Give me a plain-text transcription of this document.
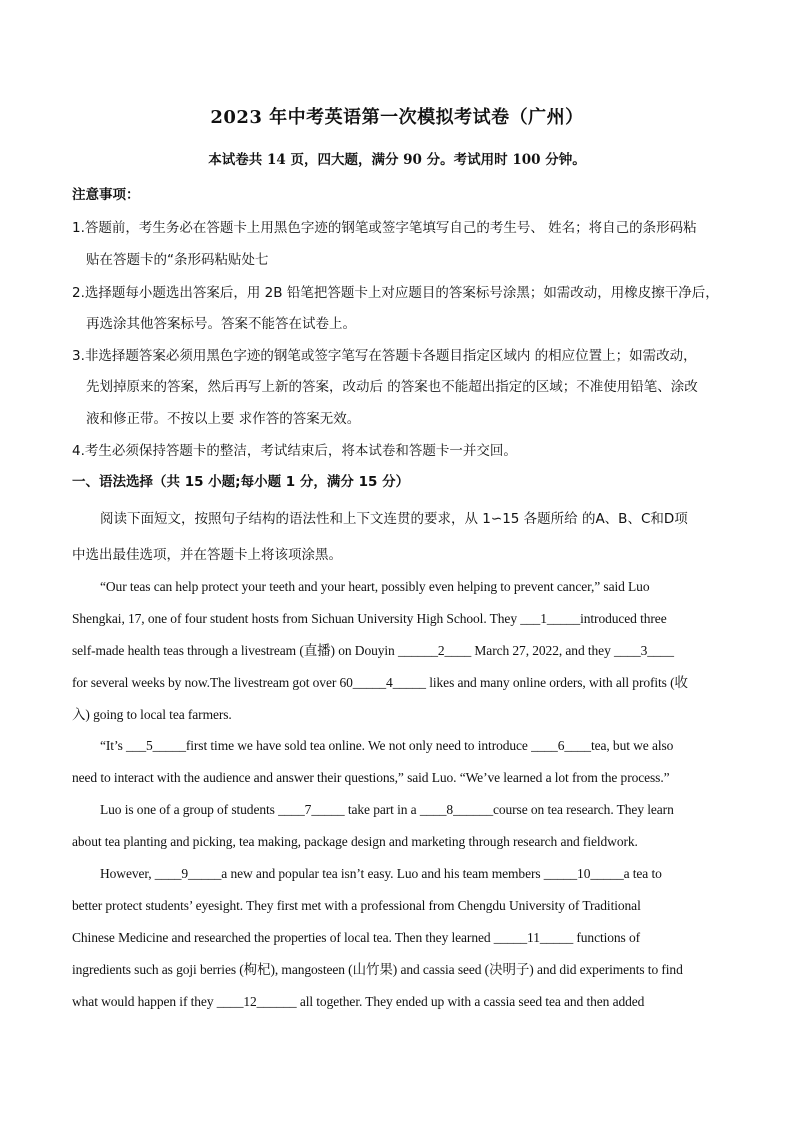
2023 年中考英语第一次模拟考试卷（广州）
本试卷共 14 页，四大题，满分 90 分。考试用时 100 分钟。
注意事项：
1.答题前，考生务必在答题卡上用黑色字迹的钢笔或签字笔填写自己的考生号、 姓名；将自己的条形码粘
贴在答题卡的“条形码粘贴处七
2.选择题每小题选出答案后，用 2B 铅笔把答题卡上对应题目的答案标号涂黑；如需改动，用橡皮擦干净后，
再选涂其他答案标号。答案不能答在试卷上。
3.非选择题答案必须用黑色字迹的钢笔或签字笔写在答题卡各题目指定区域内 的相应位置上；如需改动，
先划掉原来的答案，然后再写上新的答案，改动后 的答案也不能超出指定的区域；不准使用铅笔、涂改
液和修正带。不按以上要 求作答的答案无效。
4.考生必须保持答题卡的整洁，考试结束后，将本试卷和答题卡一并交回。
一、语法选择（共 15 小题;每小题 1 分，满分 15 分）
阅读下面短文，按照句子结构的语法性和上下文连贯的要求，从 1∽15 各题所给 的A、B、C和D项
中选出最佳选项，并在答题卡上将该项涂黑。
“Our teas can help protect your teeth and your heart, possibly even helping to prevent cancer,” said Luo
Shengkai, 17, one of four student hosts from Sichuan University High School. They ___1_____introduced three
self-made health teas through a livestream (直播) on Douyin ______2____ March 27, 2022, and they ____3____
for several weeks by now.The livestream got over 60_____4_____ likes and many online orders, with all profits (收
入) going to local tea farmers.
“It’s ___5_____first time we have sold tea online. We not only need to introduce ____6____tea, but we also
need to interact with the audience and answer their questions,” said Luo. “We’ve learned a lot from the process.”
Luo is one of a group of students ____7_____ take part in a ____8______course on tea research. They learn
about tea planting and picking, tea making, package design and marketing through research and fieldwork.
However, ____9_____a new and popular tea isn’t easy. Luo and his team members _____10_____a tea to
better protect students’ eyesight. They first met with a professional from Chengdu University of Traditional
Chinese Medicine and researched the properties of local tea. Then they learned _____11_____ functions of
ingredients such as goji berries (枸杞), mangosteen (山竹果) and cassia seed (决明子) and did experiments to find
what would happen if they ____12______ all together. They ended up with a cassia seed tea and then added
